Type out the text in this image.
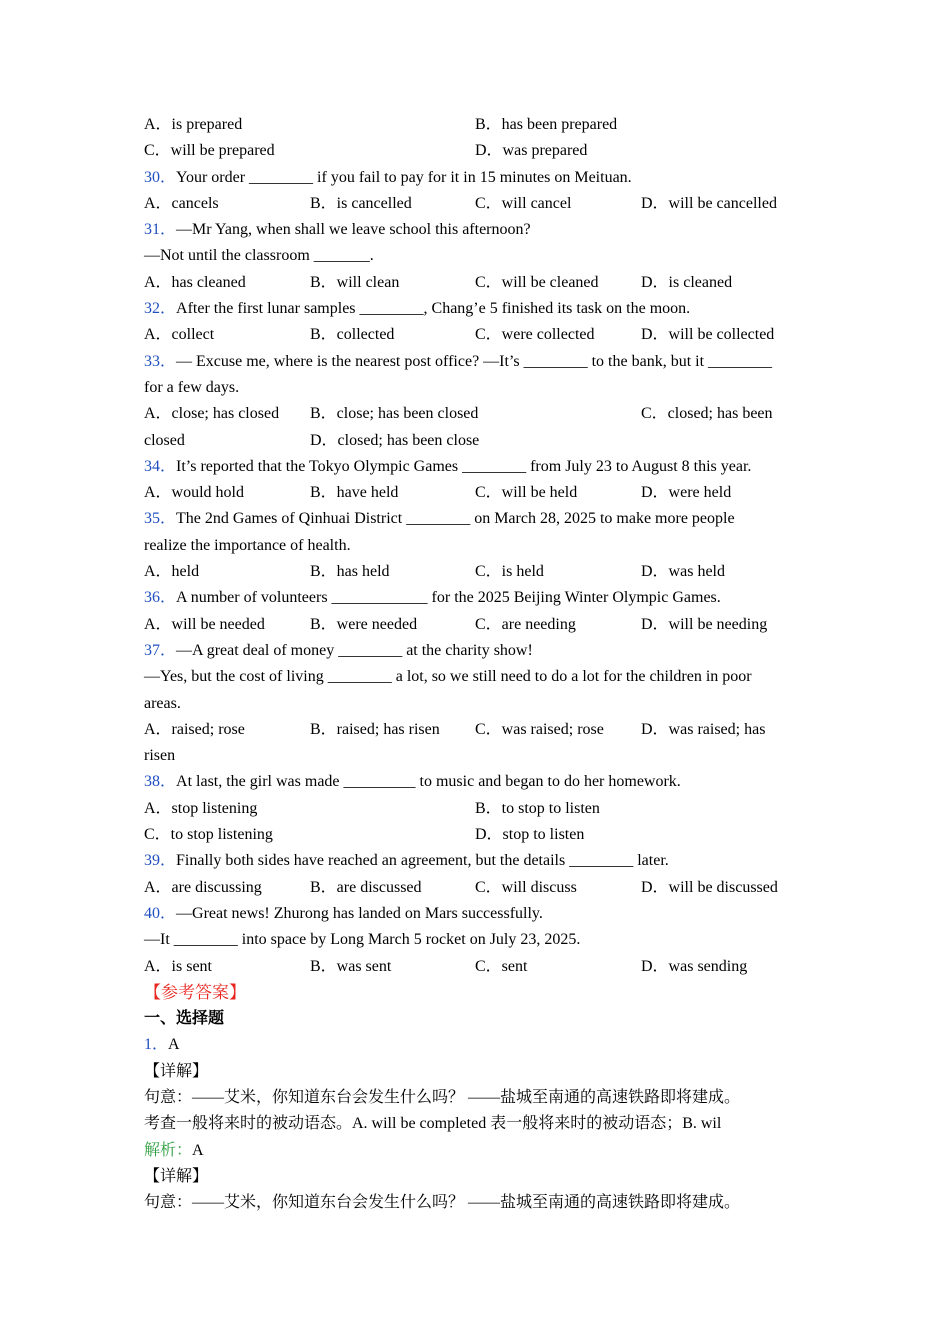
A．is prepared	B．has been prepared
C．will be prepared	D．was prepared
30．Your order ________ if you fail to pay for it in 15 minutes on Meituan.
A．cancels	B．is cancelled	C．will cancel	D．will be cancelled
31．—Mr Yang, when shall we leave school this afternoon?
—Not until the classroom _______.
A．has cleaned	B．will clean	C．will be cleaned	D．is cleaned
32．After the first lunar samples ________, Chang’e 5 finished its task on the moon.
A．collect	B．collected	C．were collected	D．will be collected
33．— Excuse me, where is the nearest post office? —It’s ________ to the bank, but it ________
for a few days.
A．close; has closed B．close; has been closed	C．closed; has been
closed	D．closed; has been close
34．It’s reported that the Tokyo Olympic Games ________ from July 23 to August 8 this year.
A．would hold	B．have held	C．will be held	D．were held
35．The 2nd Games of Qinhuai District ________ on March 28, 2025 to make more people
realize the importance of health.
A．held	B．has held	C．is held	D．was held
36．A number of volunteers ____________ for the 2025 Beijing Winter Olympic Games.
A．will be needed	B．were needed	C．are needing	D．will be needing
37．—A great deal of money ________ at the charity show!
—Yes, but the cost of living ________ a lot, so we still need to do a lot for the children in poor
areas.
A．raised; rose	B．raised; has risen C．was raised; rose D．was raised; has
risen
38．At last, the girl was made _________ to music and began to do her homework.
A．stop listening	B．to stop to listen
C．to stop listening	D．stop to listen
39．Finally both sides have reached an agreement, but the details ________ later.
A．are discussing	B．are discussed	C．will discuss	D．will be discussed
40．—Great news! Zhurong has landed on Mars successfully.
—It ________ into space by Long March 5 rocket on July 23, 2025.
A．is sent	B．was sent	C．sent	D．was sending
【参考答案】
一、选择题
1．A
【详解】
句意：——艾米，你知道东台会发生什么吗？ ——盐城至南通的高速铁路即将建成。
考查一般将来时的被动语态。A. will be completed 表一般将来时的被动语态；B. wil
解析：A
【详解】
句意：——艾米，你知道东台会发生什么吗？ ——盐城至南通的高速铁路即将建成。
